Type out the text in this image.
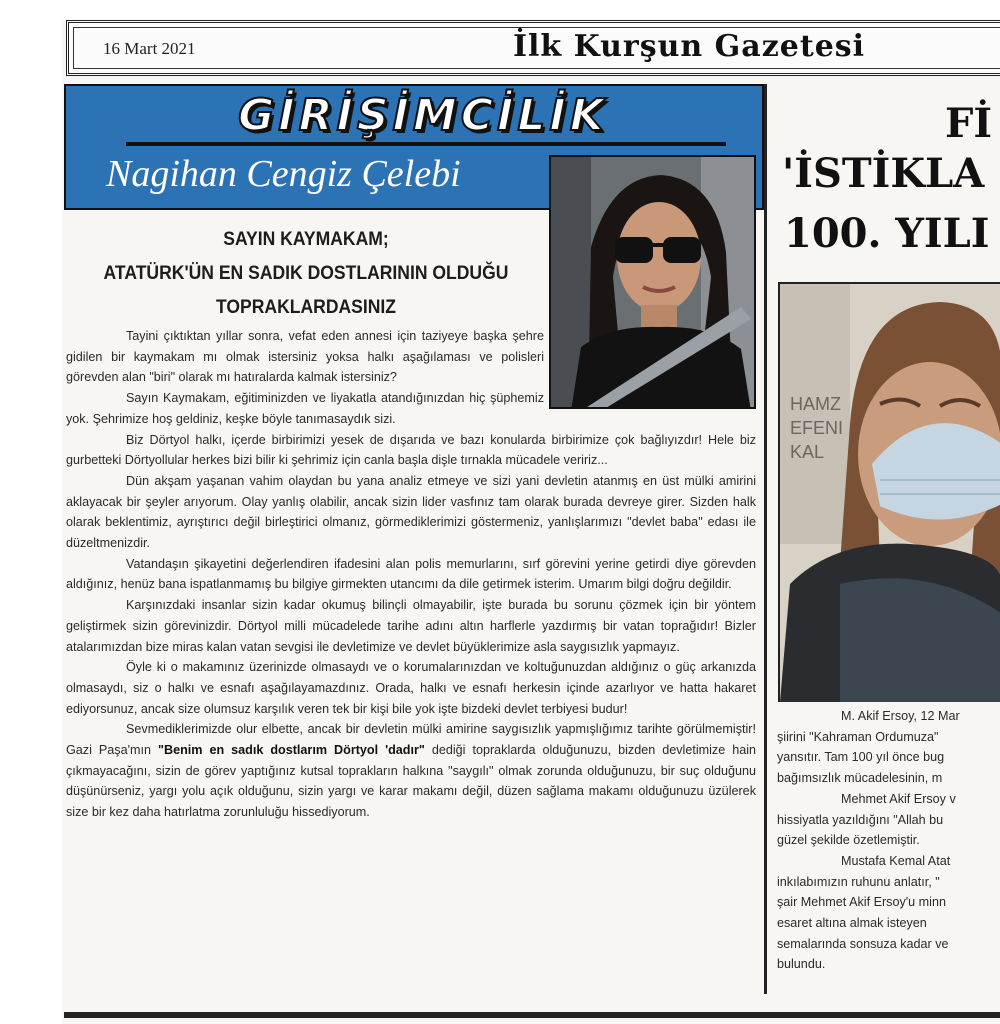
16 Mart 2021	İlk Kurşun Gazetesi
GİRİŞİMCİLİK
Nagihan Cengiz Çelebi
SAYIN KAYMAKAM;
ATATÜRK'ÜN EN SADIK DOSTLARININ OLDUĞU
TOPRAKLARDASINIZ

Tayini çıktıktan yıllar sonra, vefat eden annesi için taziyeye başka şehre gidilen bir kaymakam mı olmak istersiniz yoksa halkı aşağılaması ve polisleri görevden alan "biri" olarak mı hatıralarda kalmak istersiniz?

Sayın Kaymakam, eğitiminizden ve liyakatla atandığınızdan hiç şüphemiz yok. Şehrimize hoş geldiniz, keşke böyle tanımasaydık sizi.

Biz Dörtyol halkı, içerde birbirimizi yesek de dışarıda ve bazı konularda birbirimize çok bağlıyızdır! Hele biz gurbetteki Dörtyollular herkes bizi bilir ki şehrimiz için canla başla dişle tırnakla mücadele veririz...

Dün akşam yaşanan vahim olaydan bu yana analiz etmeye ve sizi yani devletin atanmış en üst mülki amirini aklayacak bir şeyler arıyorum. Olay yanlış olabilir, ancak sizin lider vasfınız tam olarak burada devreye girer. Sizden halk olarak beklentimiz, ayrıştırıcı değil birleştirici olmanız, görmediklerimizi göstermeniz, yanlışlarımızı "devlet baba" edası ile düzeltmenizdir.

Vatandaşın şikayetini değerlendiren ifadesini alan polis memurlarını, sırf görevini yerine getirdi diye görevden aldığınız, henüz bana ispatlanmamış bu bilgiye girmekten utancımı da dile getirmek isterim. Umarım bilgi doğru değildir.

Karşınızdaki insanlar sizin kadar okumuş bilinçli olmayabilir, işte burada bu sorunu çözmek için bir yöntem geliştirmek sizin görevinizdir. Dörtyol milli mücadelede tarihe adını altın harflerle yazdırmış bir vatan toprağıdır! Bizler atalarımızdan bize miras kalan vatan sevgisi ile devletimize ve devlet büyüklerimize asla saygısızlık yapmayız.

Öyle ki o makamınız üzerinizde olmasaydı ve o korumalarınızdan ve koltuğunuzdan aldığınız o güç arkanızda olmasaydı, siz o halkı ve esnafı aşağılayamazdınız. Orada, halkı ve esnafı herkesin içinde azarlıyor ve hatta hakaret ediyorsunuz, ancak size olumsuz karşılık veren tek bir kişi bile yok işte bizdeki devlet terbiyesi budur!

Sevmediklerimizde olur elbette, ancak bir devletin mülki amirine saygısızlık yapmışlığımız tarihte görülmemiştir! Gazi Paşa'mın "Benim en sadık dostlarım Dörtyol 'dadır" dediği topraklarda olduğunuzu, bizden devletimize hain çıkmayacağını, sizin de görev yaptığınız kutsal toprakların halkına "saygılı" olmak zorunda olduğunuzu, bir suç olduğunu düşünürseniz, yargı yolu açık olduğunu, sizin yargı ve karar makamı değil, düzen sağlama makamı olduğunuzu üzülerek size bir kez daha hatırlatma zorunluluğu hissediyorum.

Fİ
'İSTİKLA
100. YILI
HAMZ
EFENI
KAL

M. Akif Ersoy, 12 Mar

şiirini "Kahraman Ordumuza"

yansıtır. Tam 100 yıl önce bug

bağımsızlık mücadelesinin, m

Mehmet Akif Ersoy v

hissiyatla yazıldığını "Allah bu

güzel şekilde özetlemiştir.

Mustafa Kemal Atat

inkılabımızın ruhunu anlatır, "

şair Mehmet Akif Ersoy'u minn

esaret altına almak isteyen

semalarında sonsuza kadar ve

bulundu.
